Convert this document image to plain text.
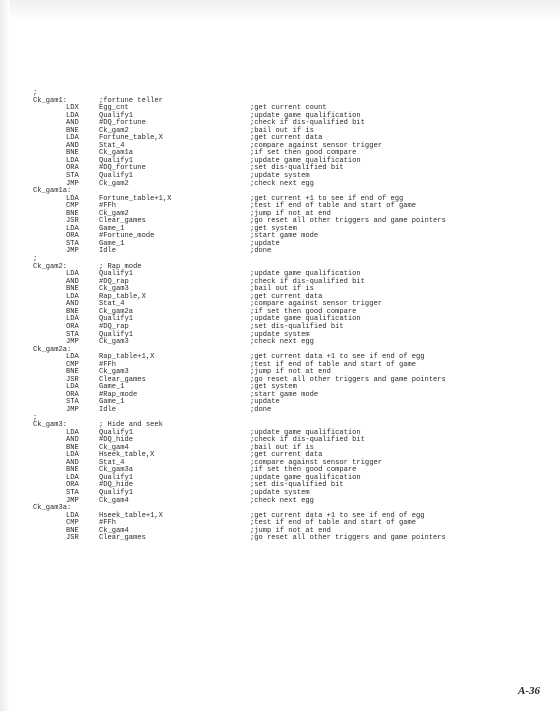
;
Ck_gam1:	;fortune teller
LDX	Egg_cnt	;get current count
LDA	Qualify1	;update game qualification
AND	#DQ_fortune	;check if dis-qualified bit
BNE	Ck_gam2	;bail out if is
LDA	Fortune_table,X	;get current data
AND	Stat_4	;compare against sensor trigger
BNE	Ck_gam1a	;if set then good compare
LDA	Qualify1	;update game qualification
ORA	#DQ_fortune	;set dis-qualified bit
STA	Qualify1	;update system
JMP	Ck_gam2	;check next egg
Ck_gam1a:
LDA	Fortune_table+1,X	;get current +1 to see if end of egg
CMP	#FFh	;test if end of table and start of game
BNE	Ck_gam2	;jump if not at end
JSR	Clear_games	;go reset all other triggers and game pointers
LDA	Game_1	;get system
ORA	#Fortune_mode	;start game mode
STA	Game_1	;update
JMP	Idle	;done
;
Ck_gam2:	; Rap mode
LDA	Qualify1	;update game qualification
AND	#DQ_rap	;check if dis-qualified bit
BNE	Ck_gam3	;bail out if is
LDA	Rap_table,X	;get current data
AND	Stat_4	;compare against sensor trigger
BNE	Ck_gam2a	;if set then good compare
LDA	Qualify1	;update game qualification
ORA	#DQ_rap	;set dis-qualified bit
STA	Qualify1	;update system
JMP	Ck_gam3	;check next egg
Ck_gam2a:
LDA	Rap_table+1,X	;get current data +1 to see if end of egg
CMP	#FFh	;test if end of table and start of game
BNE	Ck_gam3	;jump if not at end
JSR	Clear_games	;go reset all other triggers and game pointers
LDA	Game_1	;get system
ORA	#Rap_mode	;start game mode
STA	Game_1	;update
JMP	Idle	;done
;
Ck_gam3:	; Hide and seek
LDA	Qualify1	;update game qualification
AND	#DQ_hide	;check if dis-qualified bit
BNE	Ck_gam4	;bail out if is
LDA	Hseek_table,X	;get current data
AND	Stat_4	;compare against sensor trigger
BNE	Ck_gam3a	;if set then good compare
LDA	Qualify1	;update game qualification
ORA	#DQ_hide	;set dis-qualified bit
STA	Qualify1	;update system
JMP	Ck_gam4	;check next egg
Ck_gam3a:
LDA	Hseek_table+1,X	;get current data +1 to see if end of egg
CMP	#FFh	;test if end of table and start of game
BNE	Ck_gam4	;jump if not at end
JSR	Clear_games	;go reset all other triggers and game pointers
A-36
